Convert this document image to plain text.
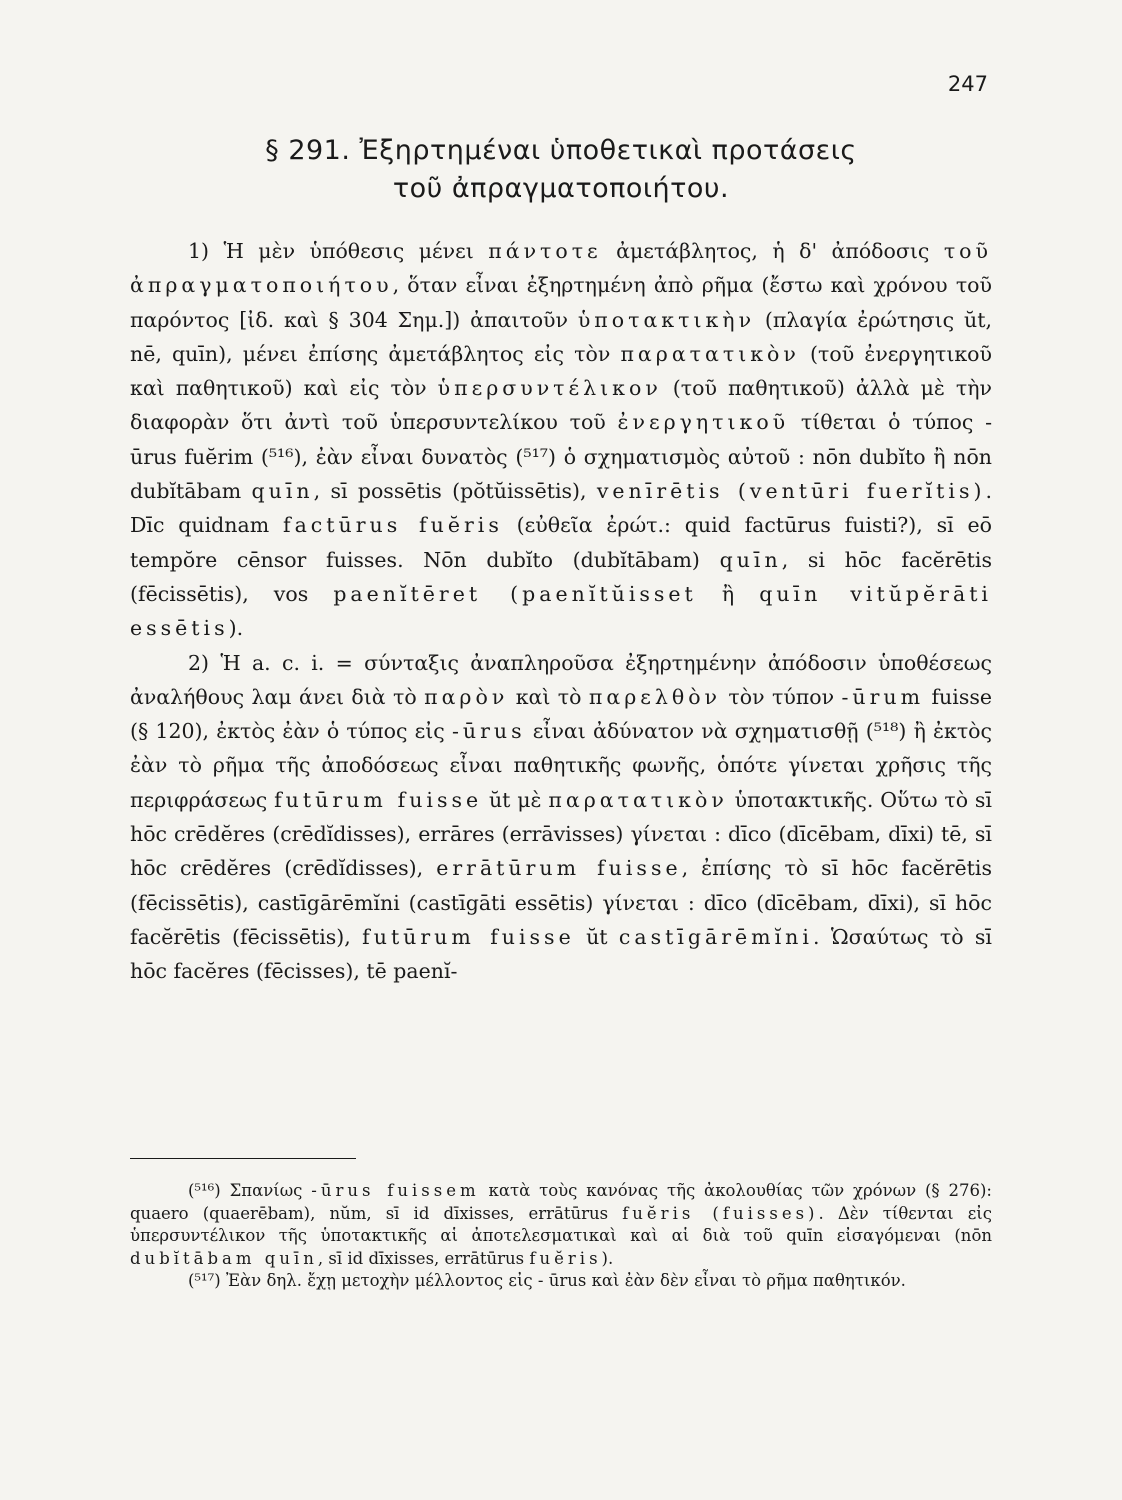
247
§ 291. Ἐξηρτημέναι ὑποθετικαὶ προτάσεις
τοῦ ἀπραγματοποιήτου.

1) Ἡ μὲν ὑπόθεσις μένει πάντοτε ἀμετάβλητος, ἡ δ' ἀπόδοσις τοῦ ἀπραγματοποιήτου, ὅταν εἶναι ἐξηρτημένη ἀπὸ ρῆμα (ἔστω καὶ χρόνου τοῦ παρόντος [ἰδ. καὶ § 304 Σημ.]) ἀπαιτοῦν ὑποτακτικὴν (πλαγία ἐρώτησις ŭt, nē, quīn), μένει ἐπίσης ἀμετάβλητος εἰς τὸν παρατατικὸν (τοῦ ἐνεργητικοῦ καὶ παθητικοῦ) καὶ εἰς τὸν ὑπερσυντέλικον (τοῦ παθητικοῦ) ἀλλὰ μὲ τὴν διαφορὰν ὅτι ἀντὶ τοῦ ὑπερσυντελίκου τοῦ ἐνεργητικοῦ τίθεται ὁ τύπος - ūrus fuĕrim (⁵¹⁶), ἐὰν εἶναι δυνατὸς (⁵¹⁷) ὁ σχηματισμὸς αὐτοῦ : nōn dubĭto ἢ nōn dubĭtābam quīn, sī possētis (pŏtŭissētis), venīrētis (ventūri fuerĭtis). Dīc quidnam factūrus fuĕris (εὐθεῖα ἐρώτ.: quid factūrus fuisti?), sī eō tempŏre cēnsor fuisses. Nōn dubĭto (dubĭtābam) quīn, si hōc facĕrētis (fēcissētis), vos paenĭtēret (paenĭtŭisset ἢ quīn vitŭpĕrāti essētis).

2) Ἡ a. c. i. = σύνταξις ἀναπληροῦσα ἐξηρτημένην ἀπόδοσιν ὑποθέσεως ἀναλήθους λαμ άνει διὰ τὸ παρὸν καὶ τὸ παρελθὸν τὸν τύπον -ūrum fuisse (§ 120), ἐκτὸς ἐὰν ὁ τύπος εἰς -ūrus εἶναι ἀδύνατον νὰ σχηματισθῇ (⁵¹⁸) ἢ ἐκτὸς ἐὰν τὸ ρῆμα τῆς ἀποδόσεως εἶναι παθητικῆς φωνῆς, ὁπότε γίνεται χρῆσις τῆς περιφράσεως futūrum fuisse ŭt μὲ παρατατικὸν ὑποτακτικῆς. Οὕτω τὸ sī hōc crēdĕres (crēdĭdisses), errāres (errāvisses) γίνεται : dīco (dīcēbam, dīxi) tē, sī hōc crēdĕres (crēdĭdisses), errātūrum fuisse, ἐπίσης τὸ sī hōc facĕrētis (fēcissētis), castīgārēmĭni (castīgāti essētis) γίνεται : dīco (dīcēbam, dīxi), sī hōc facĕrētis (fēcissētis), futūrum fuisse ŭt castīgārēmĭni. Ὡσαύτως τὸ sī hōc facĕres (fēcisses), tē paenĭ-

(⁵¹⁶) Σπανίως -ūrus fuissem κατὰ τοὺς κανόνας τῆς ἀκολουθίας τῶν χρόνων (§ 276): quaero (quaerēbam), nŭm, sī id dīxisses, errātūrus fuĕris (fuisses). Δὲν τίθενται εἰς ὑπερσυντέλικον τῆς ὑποτακτικῆς αἱ ἀποτελεσματικαὶ καὶ αἱ διὰ τοῦ quīn εἰσαγόμεναι (nōn dubĭtābam quīn, sī id dīxisses, errātūrus fuĕris).

(⁵¹⁷) Ἐὰν δηλ. ἔχῃ μετοχὴν μέλλοντος εἰς - ūrus καὶ ἐὰν δὲν εἶναι τὸ ρῆμα παθητικόν.
